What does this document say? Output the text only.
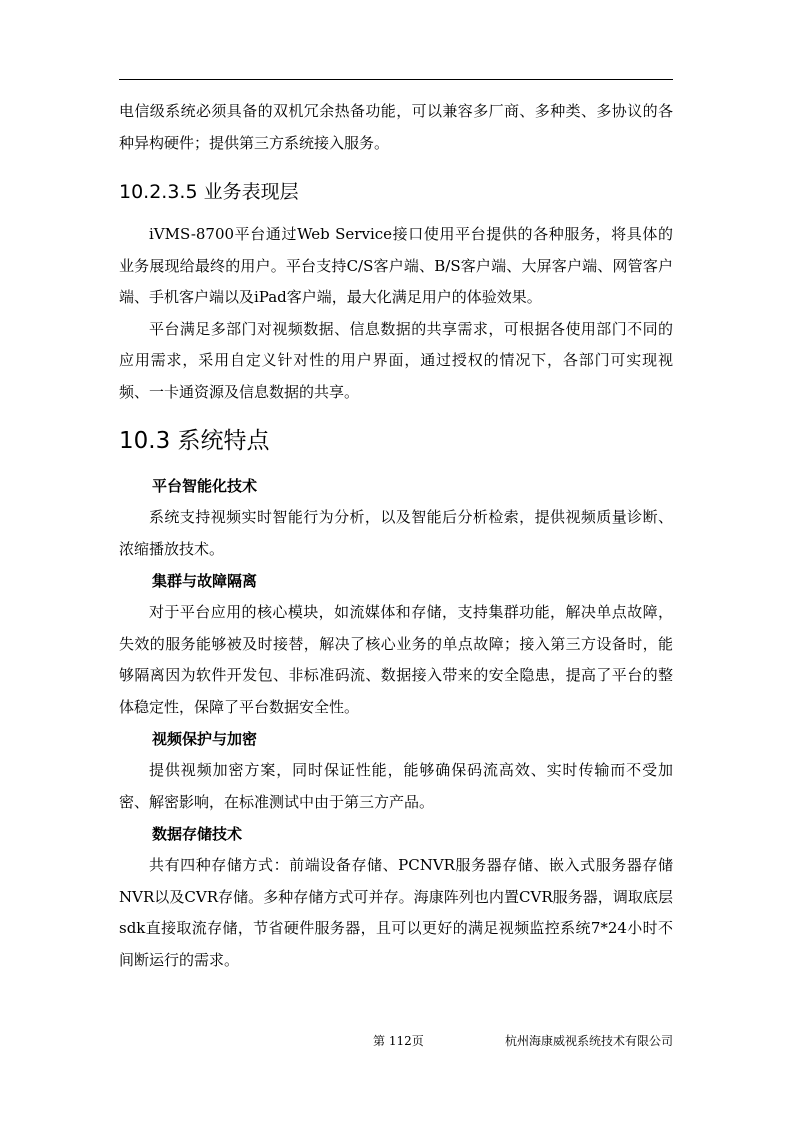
电信级系统必须具备的双机冗余热备功能，可以兼容多厂商、多种类、多协议的各种异构硬件；提供第三方系统接入服务。

10.2.3.5 业务表现层

iVMS-8700平台通过Web Service接口使用平台提供的各种服务，将具体的业务展现给最终的用户。平台支持C/S客户端、B/S客户端、大屏客户端、网管客户端、手机客户端以及iPad客户端，最大化满足用户的体验效果。

平台满足多部门对视频数据、信息数据的共享需求，可根据各使用部门不同的应用需求，采用自定义针对性的用户界面，通过授权的情况下，各部门可实现视频、一卡通资源及信息数据的共享。

10.3 系统特点
平台智能化技术

系统支持视频实时智能行为分析，以及智能后分析检索，提供视频质量诊断、浓缩播放技术。

集群与故障隔离

对于平台应用的核心模块，如流媒体和存储，支持集群功能，解决单点故障，失效的服务能够被及时接替，解决了核心业务的单点故障；接入第三方设备时，能够隔离因为软件开发包、非标准码流、数据接入带来的安全隐患，提高了平台的整体稳定性，保障了平台数据安全性。

视频保护与加密

提供视频加密方案，同时保证性能，能够确保码流高效、实时传输而不受加密、解密影响，在标准测试中由于第三方产品。

数据存储技术

共有四种存储方式：前端设备存储、PCNVR服务器存储、嵌入式服务器存储NVR以及CVR存储。多种存储方式可并存。海康阵列也内置CVR服务器，调取底层sdk直接取流存储，节省硬件服务器，且可以更好的满足视频监控系统7*24小时不间断运行的需求。

第 112页	杭州海康威视系统技术有限公司
